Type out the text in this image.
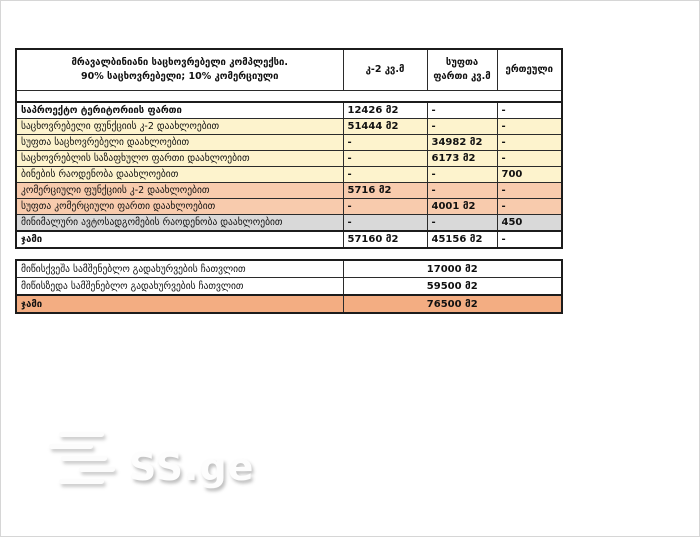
მრავალბინიანი საცხოვრებელი კომპლექსი.
90% საცხოვრებელი; 10% კომერციული	კ-2 კვ.მ	სუფთა ფართი კვ.მ	ერთეული

საპროექტო ტერიტორიის ფართი	12426 მ2	-	-
საცხოვრებელი ფუნქციის კ-2 დაახლოებით	51444 მ2	-	-
სუფთა საცხოვრებელი დაახლოებით	-	34982 მ2	-
საცხოვრებლის საზაფხულო ფართი დაახლოებით	-	6173 მ2	-
ბინების რაოდენობა დაახლოებით	-	-	700
კომერციული ფუნქციის კ-2 დაახლოებით	5716 მ2	-	-
სუფთა კომერციული ფართი დაახლოებით	-	4001 მ2	-
მინიმალური ავტოსადგომების რაოდენობა დაახლოებით	-	-	450
ჯამი	57160 მ2	45156 მ2	-
მიწისქვეშა სამშენებლო გადახურვების ჩათვლით	17000 მ2
მიწისზედა სამშენებლო გადახურვების ჩათვლით	59500 მ2
ჯამი	76500 მ2
SS.ge
